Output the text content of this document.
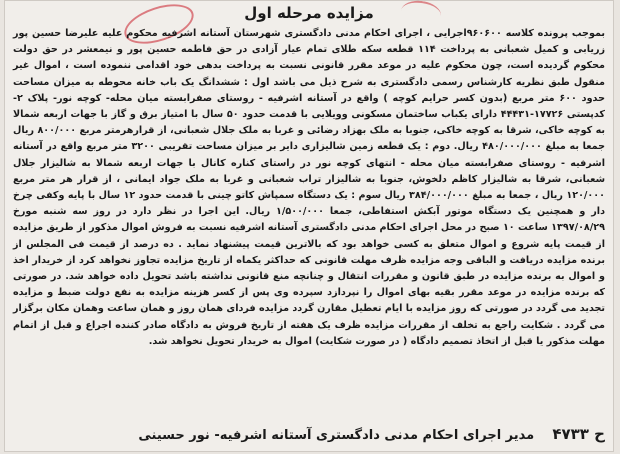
مزایده مرحله اول

بموجب پرونده کلاسه ۹۶۰۶۰۰اجرایی ، اجرای احکام مدنی دادگستری شهرستان آستانه اشرفیه محکوم علیه علیرضا حسین پور زریابی و کمیل شعبانی به پرداخت ۱۱۴ قطعه سکه طلای تمام عیار آزادی در حق فاطمه حسین پور و نیمعشر در حق دولت محکوم گردیده است، چون محکوم علیه در موعد مقرر قانونی نسبت به پرداخت بدهی خود اقدامی ننموده است ، اموال غیر منقول طبق نظریه کارشناس رسمی دادگستری به شرح ذیل می باشد اول : ششدانگ یک باب خانه محوطه به میزان مساحت حدود ۶۰۰ متر مربع (بدون کسر حرایم کوچه ) واقع در آستانه اشرفیه - روستای صفرابسته میان محله- کوچه نور- پلاک ۲- کدپستی ۱۷۷۲۶-۴۴۴۳۱ دارای یکباب ساختمان مسکونی وویلایی با قدمت حدود ۵۰ سال با امتیاز برق و گاز با جهات اربعه شمالا به کوچه خاکی، شرقا به کوچه خاکی، جنوبا به ملک بهزاد رضائی و غربا به ملک جلال شعبانی، از قرارهرمتر مربع ۸۰۰/۰۰۰ ریال جمعا به مبلغ ۴۸۰/۰۰۰/۰۰۰ ریال. دوم : یک قطعه زمین شالیزاری دایر بر میزان مساحت تقریبی ۳۲۰۰ متر مربع واقع در آستانه اشرفیه - روستای صفرابسته میان محله - انتهای کوچه نور در راستای کناره کانال با جهات اربعه شمالا به شالیزار جلال شعبانی، شرقا به شالیزار کاظم دلخوش، جنوبا به شالیزار تراب شعبانی و غربا به ملک جواد ایمانی ، از قرار هر متر مربع ۱۲۰/۰۰۰ ریال ، جمعا به مبلغ ۳۸۴/۰۰۰/۰۰۰ ریال سوم : یک دستگاه سمپاش کاتو چینی با قدمت حدود ۱۲ سال با پایه وکفی چرخ دار و همچنین یک دستگاه موتور آبکش استفاطی، جمعا ۱/۵۰۰/۰۰۰ ریال. این اجرا در نظر دارد در روز سه شنبه مورخ ۱۳۹۷/۰۸/۲۹ ساعت ۱۰ صبح در محل اجرای احکام مدنی دادگستری آستانه اشرفیه نسبت به فروش اموال مذکور از طریق مزایده از قیمت پایه شروع و اموال متعلق به کسی خواهد بود که بالاترین قیمت پیشنهاد نماید . ده درصد از قیمت فی المجلس از برنده مزایده دریافت و الباقی وجه مزایده ظرف مهلت قانونی که حداکثر یکماه از تاریخ مزایده تجاوز نخواهد کرد از خریدار اخذ و اموال به برنده مزایده در طبق قانون و مقررات انتقال و چنانچه منع قانونی نداشته باشد تحویل داده خواهد شد. در صورتی که برنده مزایده در موعد مقرر بقیه بهای اموال را نپردازد سپرده وی پس از کسر هزینه مزایده به نفع دولت ضبط و مزایده تجدید می گردد در صورتی که روز مزایده با ایام تعطیل مقارن گردد مزایده فردای همان روز و همان ساعت وهمان مکان برگزار می گردد . شکایت راجع به تخلف از مقررات مزایده ظرف یک هفته از تاریخ فروش به دادگاه صادر کننده اجراع و قبل از اتمام مهلت مذکور یا قبل از اتخاذ تصمیم دادگاه ( در صورت شکایت) اموال به خریدار تحویل نخواهد شد.

ح ۴۷۳۳    مدیر اجرای احکام مدنی دادگستری آستانه اشرفیه- نور حسینی
